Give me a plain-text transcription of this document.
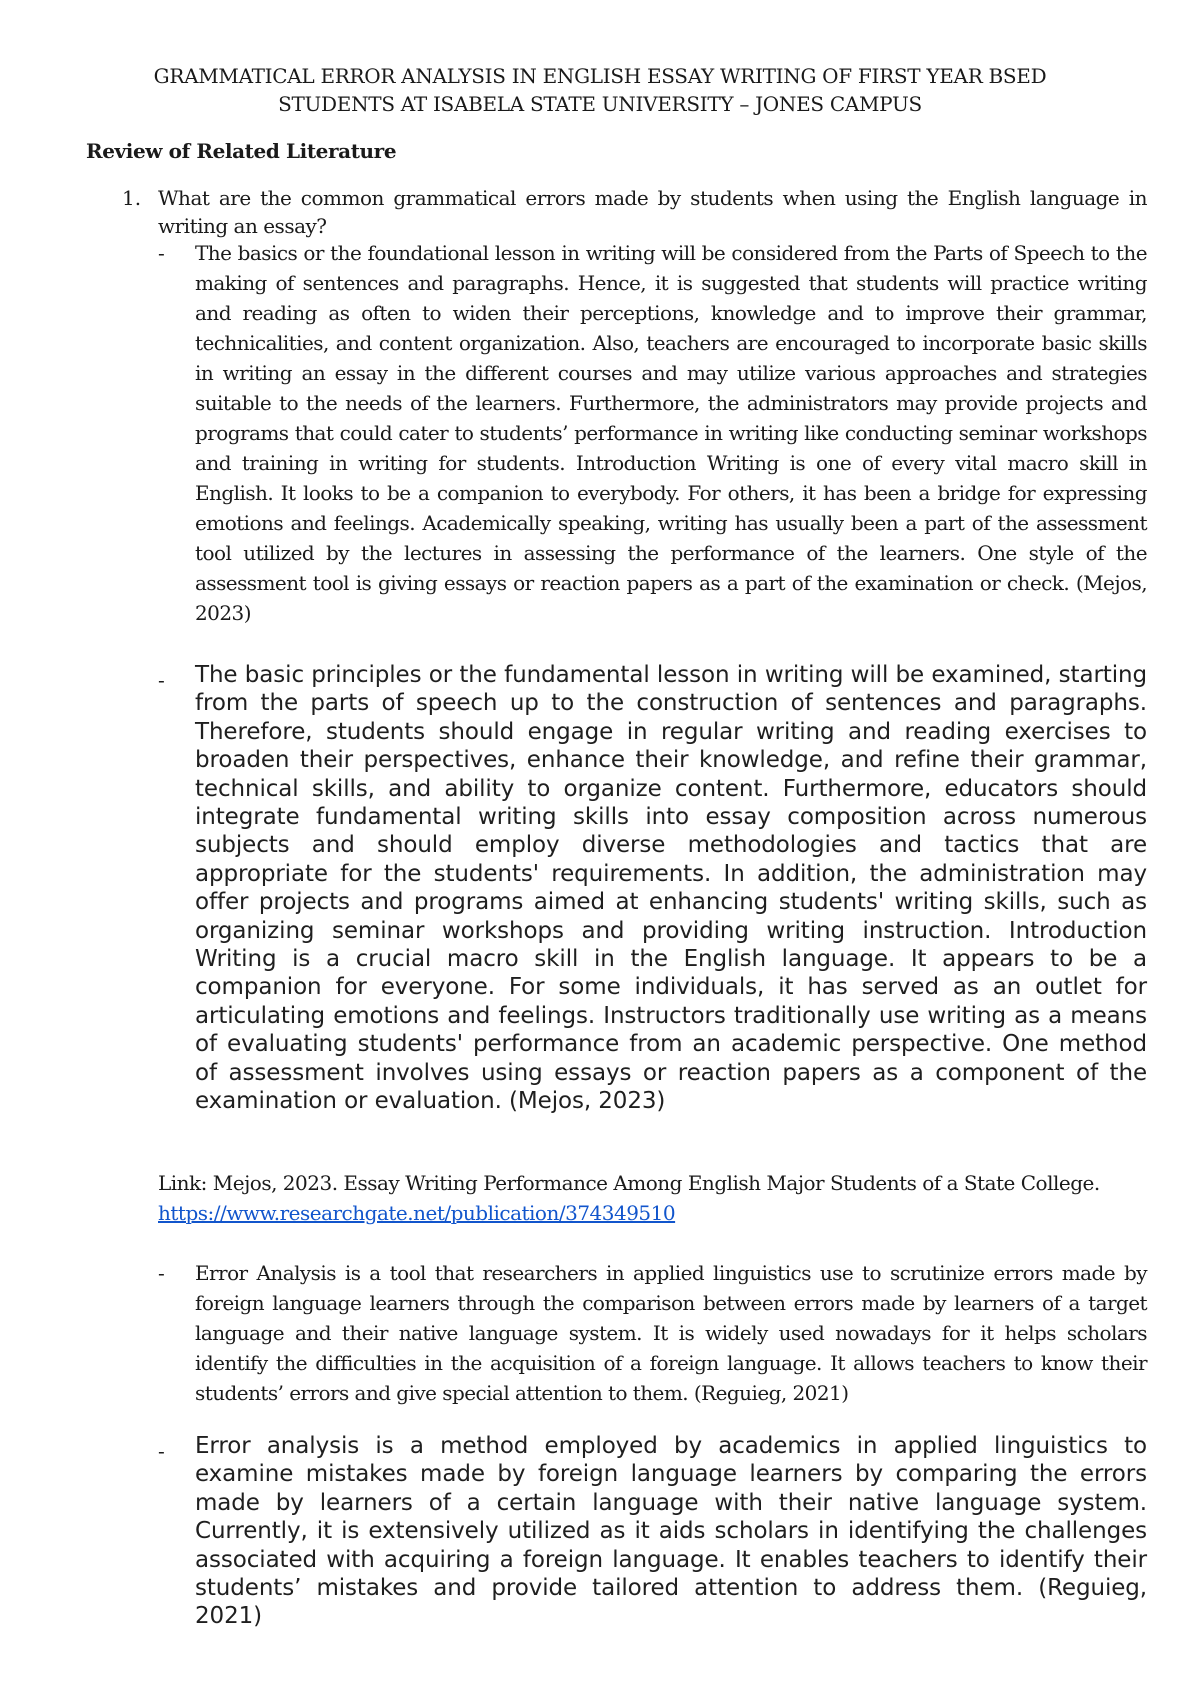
GRAMMATICAL ERROR ANALYSIS IN ENGLISH ESSAY WRITING OF FIRST YEAR BSED
STUDENTS AT ISABELA STATE UNIVERSITY – JONES CAMPUS
Review of Related Literature
1. What are the common grammatical errors made by students when using the English language in writing an essay?
- The basics or the foundational lesson in writing will be considered from the Parts of Speech to the making of sentences and paragraphs. Hence, it is suggested that students will practice writing and reading as often to widen their perceptions, knowledge and to improve their grammar, technicalities, and content organization. Also, teachers are encouraged to incorporate basic skills in writing an essay in the different courses and may utilize various approaches and strategies suitable to the needs of the learners. Furthermore, the administrators may provide projects and programs that could cater to students’ performance in writing like conducting seminar workshops and training in writing for students. Introduction Writing is one of every vital macro skill in English. It looks to be a companion to everybody. For others, it has been a bridge for expressing emotions and feelings. Academically speaking, writing has usually been a part of the assessment tool utilized by the lectures in assessing the performance of the learners. One style of the assessment tool is giving essays or reaction papers as a part of the examination or check. (Mejos, 2023)
- The basic principles or the fundamental lesson in writing will be examined, starting from the parts of speech up to the construction of sentences and paragraphs. Therefore, students should engage in regular writing and reading exercises to broaden their perspectives, enhance their knowledge, and refine their grammar, technical skills, and ability to organize content. Furthermore, educators should integrate fundamental writing skills into essay composition across numerous subjects and should employ diverse methodologies and tactics that are appropriate for the students' requirements. In addition, the administration may offer projects and programs aimed at enhancing students' writing skills, such as organizing seminar workshops and providing writing instruction. Introduction Writing is a crucial macro skill in the English language. It appears to be a companion for everyone. For some individuals, it has served as an outlet for articulating emotions and feelings. Instructors traditionally use writing as a means of evaluating students' performance from an academic perspective. One method of assessment involves using essays or reaction papers as a component of the examination or evaluation. (Mejos, 2023)
Link: Mejos, 2023. Essay Writing Performance Among English Major Students of a State College.
https://www.researchgate.net/publication/374349510
- Error Analysis is a tool that researchers in applied linguistics use to scrutinize errors made by foreign language learners through the comparison between errors made by learners of a target language and their native language system. It is widely used nowadays for it helps scholars identify the difficulties in the acquisition of a foreign language. It allows teachers to know their students’ errors and give special attention to them. (Reguieg, 2021)
- Error analysis is a method employed by academics in applied linguistics to examine mistakes made by foreign language learners by comparing the errors made by learners of a certain language with their native language system. Currently, it is extensively utilized as it aids scholars in identifying the challenges associated with acquiring a foreign language. It enables teachers to identify their students’ mistakes and provide tailored attention to address them. (Reguieg, 2021)
